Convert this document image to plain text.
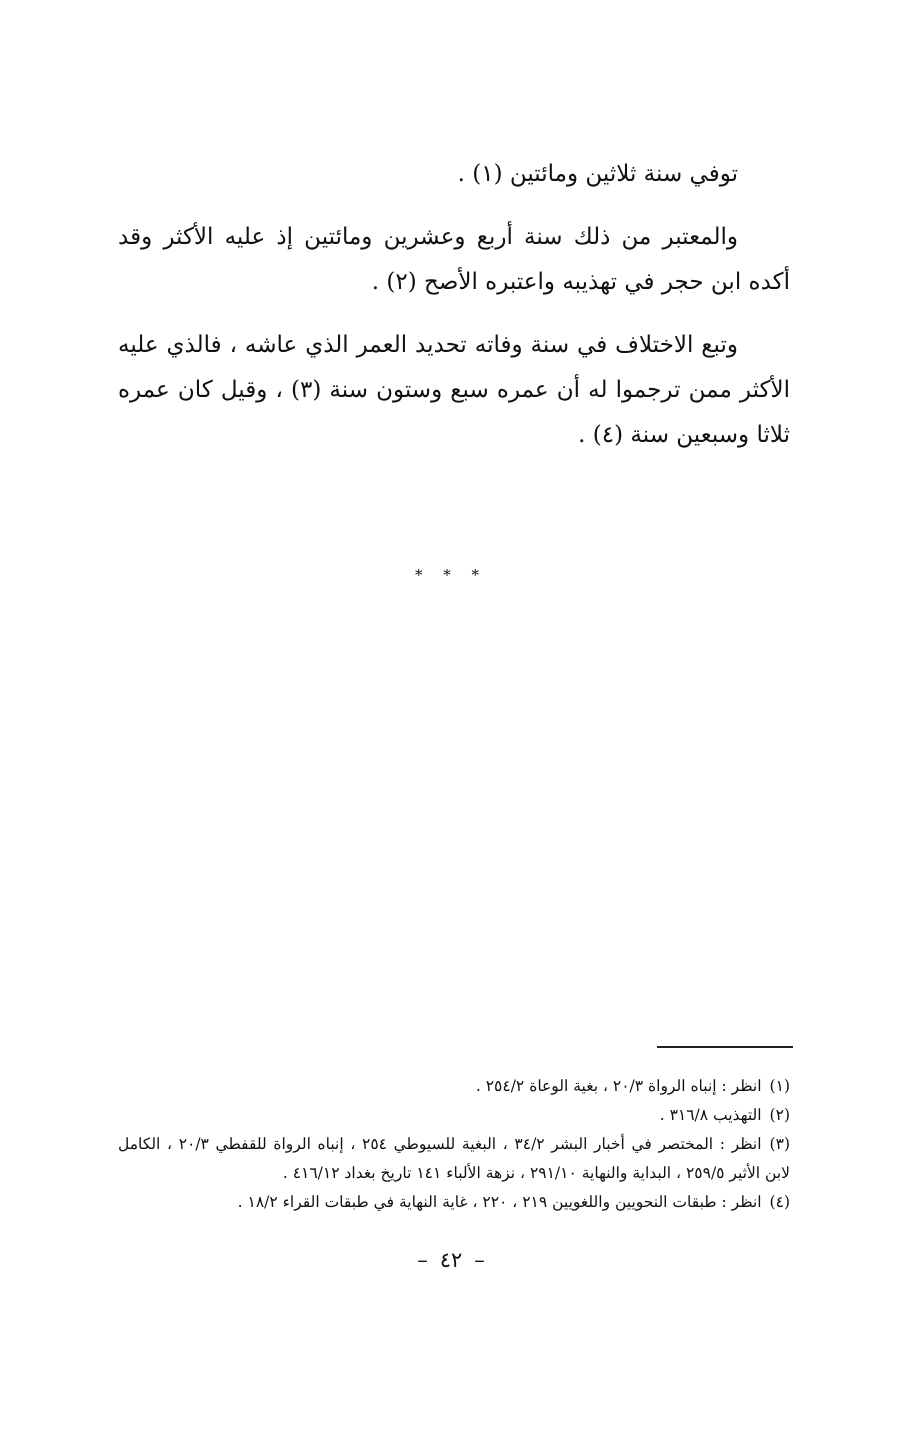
توفي سنة ثلاثين ومائتين (١) .

والمعتبر من ذلك سنة أربع وعشرين ومائتين إذ عليه الأكثر وقد أكده ابن حجر في تهذيبه واعتبره الأصح (٢) .

وتبع الاختلاف في سنة وفاته تحديد العمر الذي عاشه ، فالذي عليه الأكثر ممن ترجموا له أن عمره سبع وستون سنة (٣) ، وقيل كان عمره ثلاثا وسبعين سنة (٤) .

* * *

(١)انظر : إنباه الرواة ٢٠/٣ ، بغية الوعاة ٢٥٤/٢ .

(٢)التهذيب ٣١٦/٨ .

(٣)انظر : المختصر في أخبار البشر ٣٤/٢ ، البغية للسيوطي ٢٥٤ ، إنباه الرواة للقفطي ٢٠/٣ ، الكامل لابن الأثير ٢٥٩/٥ ، البداية والنهاية ٢٩١/١٠ ، نزهة الألباء ١٤١ تاريخ بغداد ٤١٦/١٢ .

(٤)انظر : طبقات النحويين واللغويين ٢١٩ ، ٢٢٠ ، غاية النهاية في طبقات القراء ١٨/٢ .

–٤٢–
